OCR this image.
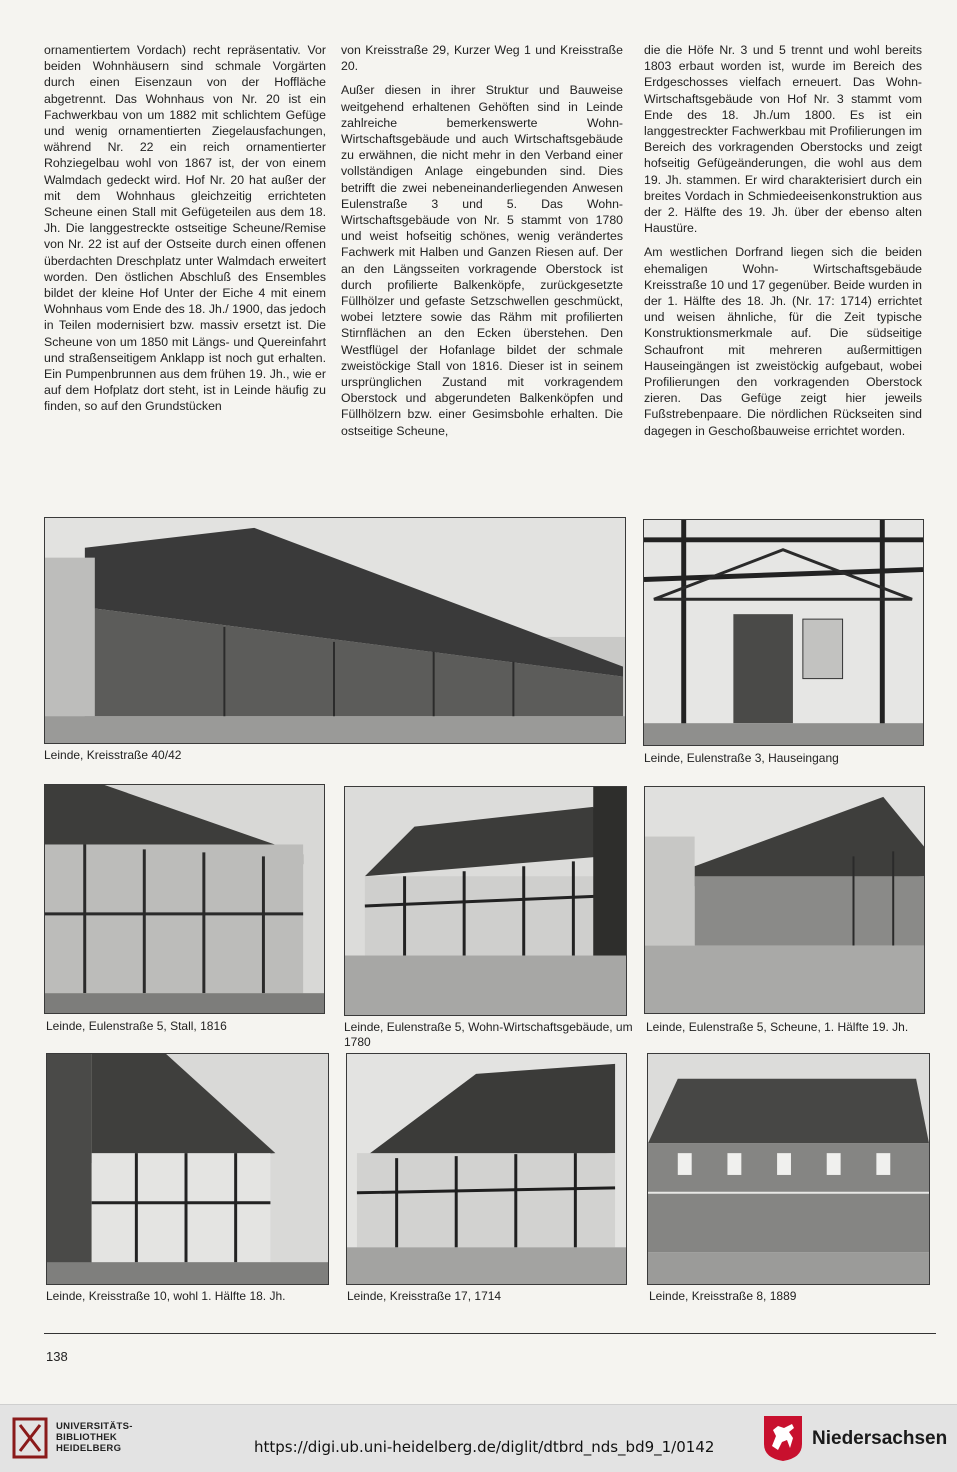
ornamentiertem Vordach) recht repräsentativ. Vor beiden Wohnhäusern sind schmale Vorgärten durch einen Eisenzaun von der Hoffläche abgetrennt. Das Wohnhaus von Nr. 20 ist ein Fachwerkbau von um 1882 mit schlichtem Gefüge und wenig ornamentierten Ziegelausfachungen, während Nr. 22 ein reich ornamentierter Rohziegelbau wohl von 1867 ist, der von einem Walmdach gedeckt wird. Hof Nr. 20 hat außer der mit dem Wohnhaus gleichzeitig errichteten Scheune einen Stall mit Gefügeteilen aus dem 18. Jh. Die langgestreckte ostseitige Scheune/Remise von Nr. 22 ist auf der Ostseite durch einen offenen überdachten Dreschplatz unter Walmdach erweitert worden. Den östlichen Abschluß des Ensembles bildet der kleine Hof Unter der Eiche 4 mit einem Wohnhaus vom Ende des 18. Jh./ 1900, das jedoch in Teilen modernisiert bzw. massiv ersetzt ist. Die Scheune von um 1850 mit Längs- und Quereinfahrt und straßenseitigem Anklapp ist noch gut erhalten. Ein Pumpenbrunnen aus dem frühen 19. Jh., wie er auf dem Hofplatz dort steht, ist in Leinde häufig zu finden, so auf den Grundstücken

von Kreisstraße 29, Kurzer Weg 1 und Kreisstraße 20.

Außer diesen in ihrer Struktur und Bauweise weitgehend erhaltenen Gehöften sind in Leinde zahlreiche bemerkenswerte Wohn-Wirtschaftsgebäude und auch Wirtschaftsgebäude zu erwähnen, die nicht mehr in den Verband einer vollständigen Anlage eingebunden sind. Dies betrifft die zwei nebeneinanderliegenden Anwesen Eulenstraße 3 und 5. Das Wohn- Wirtschaftsgebäude von Nr. 5 stammt von 1780 und weist hofseitig schönes, wenig verändertes Fachwerk mit Halben und Ganzen Riesen auf. Der an den Längsseiten vorkragende Oberstock ist durch profilierte Balkenköpfe, zurückgesetzte Füllhölzer und gefaste Setzschwellen geschmückt, wobei letztere sowie das Rähm mit profilierten Stirnflächen an den Ecken überstehen. Den Westflügel der Hofanlage bildet der schmale zweistöckige Stall von 1816. Dieser ist in seinem ursprünglichen Zustand mit vorkragendem Oberstock und abgerundeten Balkenköpfen und Füllhölzern bzw. einer Gesimsbohle erhalten. Die ostseitige Scheune,

die die Höfe Nr. 3 und 5 trennt und wohl bereits 1803 erbaut worden ist, wurde im Bereich des Erdgeschosses vielfach erneuert. Das Wohn- Wirtschaftsgebäude von Hof Nr. 3 stammt vom Ende des 18. Jh./um 1800. Es ist ein langgestreckter Fachwerkbau mit Profilierungen im Bereich des vorkragenden Oberstocks und zeigt hofseitig Gefügeänderungen, die wohl aus dem 19. Jh. stammen. Er wird charakterisiert durch ein breites Vordach in Schmiedeeisenkonstruktion aus der 2. Hälfte des 19. Jh. über der ebenso alten Haustüre.

Am westlichen Dorfrand liegen sich die beiden ehemaligen Wohn- Wirtschaftsgebäude Kreisstraße 10 und 17 gegenüber. Beide wurden in der 1. Hälfte des 18. Jh. (Nr. 17: 1714) errichtet und weisen ähnliche, für die Zeit typische Konstruktionsmerkmale auf. Die südseitige Schaufront mit mehreren außermittigen Hauseingängen ist zweistöckig aufgebaut, wobei Profilierungen den vorkragenden Oberstock zieren. Das Gefüge zeigt hier jeweils Fußstrebenpaare. Die nördlichen Rückseiten sind dagegen in Geschoßbauweise errichtet worden.

Leinde, Kreisstraße 40/42	Leinde, Eulenstraße 3, Hauseingang
Leinde, Eulenstraße 5, Stall, 1816	Leinde, Eulenstraße 5, Wohn-Wirtschaftsgebäude, um 1780
Leinde, Eulenstraße 5, Scheune, 1. Hälfte 19. Jh.
Leinde, Kreisstraße 10, wohl 1. Hälfte 18. Jh.	Leinde, Kreisstraße 17, 1714	Leinde, Kreisstraße 8, 1889
138
UNIVERSITÄTS-
BIBLIOTHEK
HEIDELBERG	https://digi.ub.uni-heidelberg.de/diglit/dtbrd_nds_bd9_1/0142	Niedersachsen
